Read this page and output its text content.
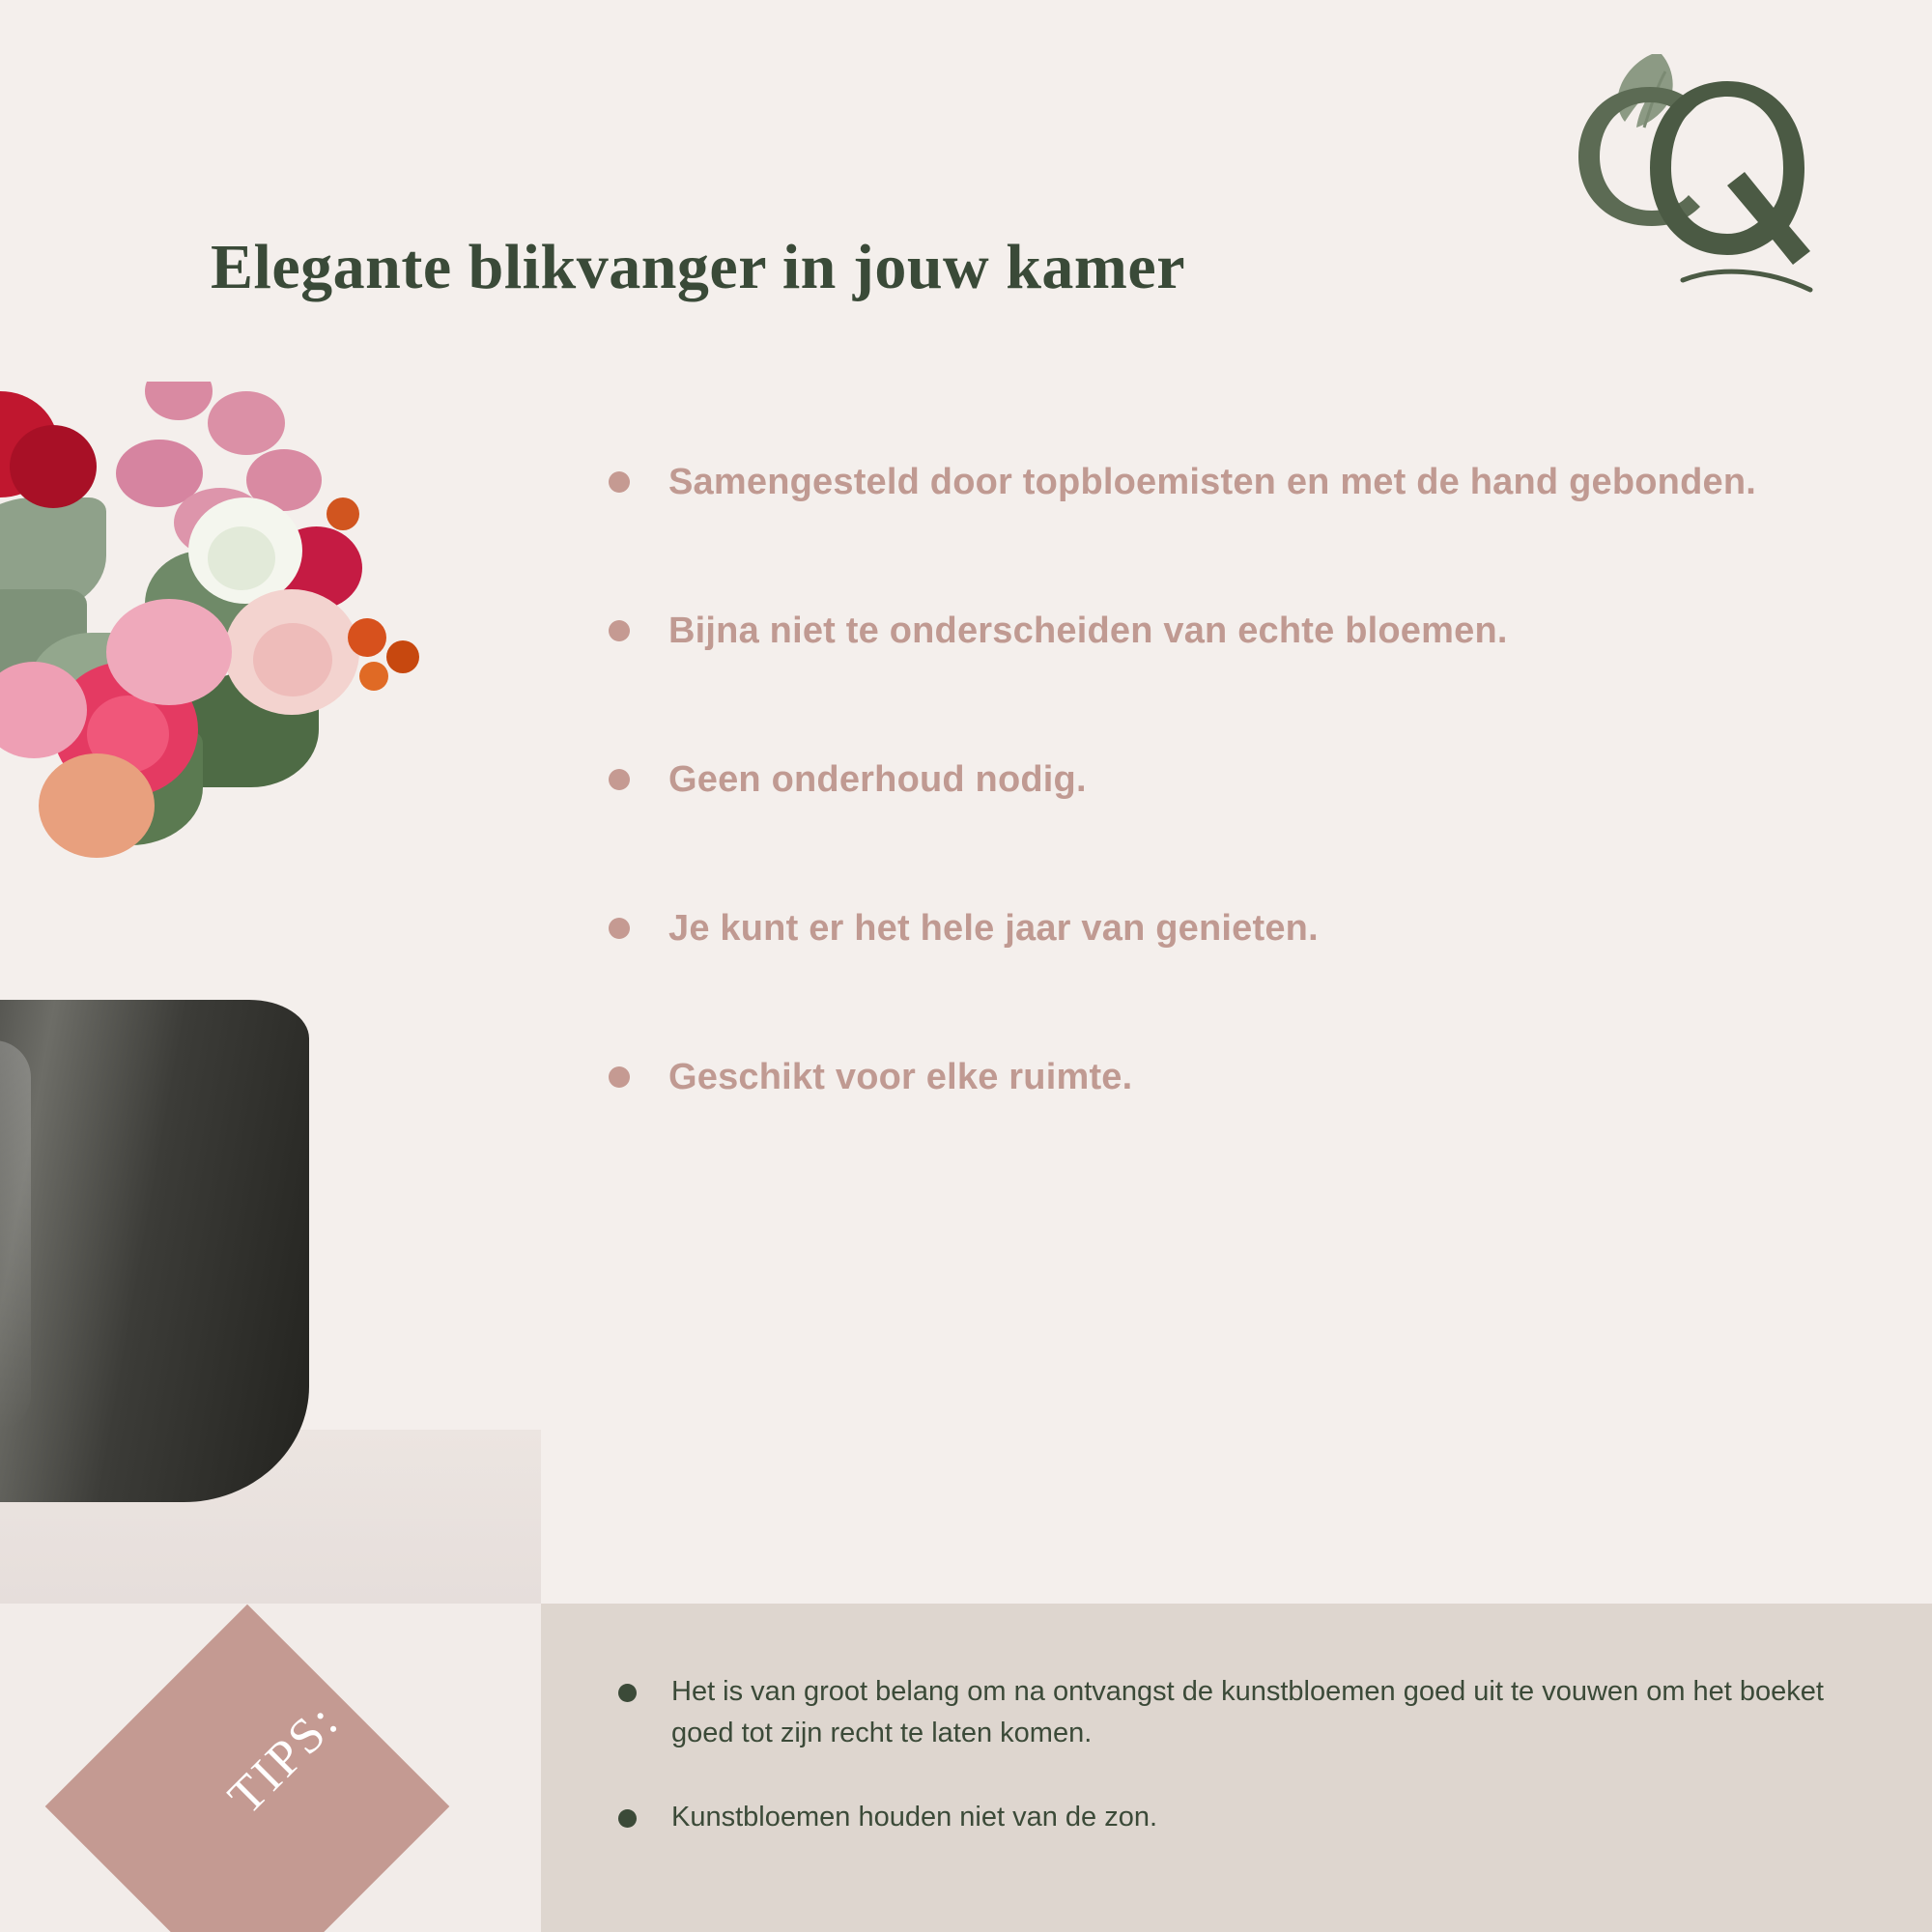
Elegante blikvanger in jouw kamer
Samengesteld door topbloemisten en met de hand gebonden.
Bijna niet te onderscheiden van echte bloemen.
Geen onderhoud nodig.
Je kunt er het hele jaar van genieten.
Geschikt voor elke ruimte.
TIPS:
Het is van groot belang om na ontvangst de kunstbloemen goed uit te vouwen om het boeket goed tot zijn recht te laten komen.
Kunstbloemen houden niet van de zon.
